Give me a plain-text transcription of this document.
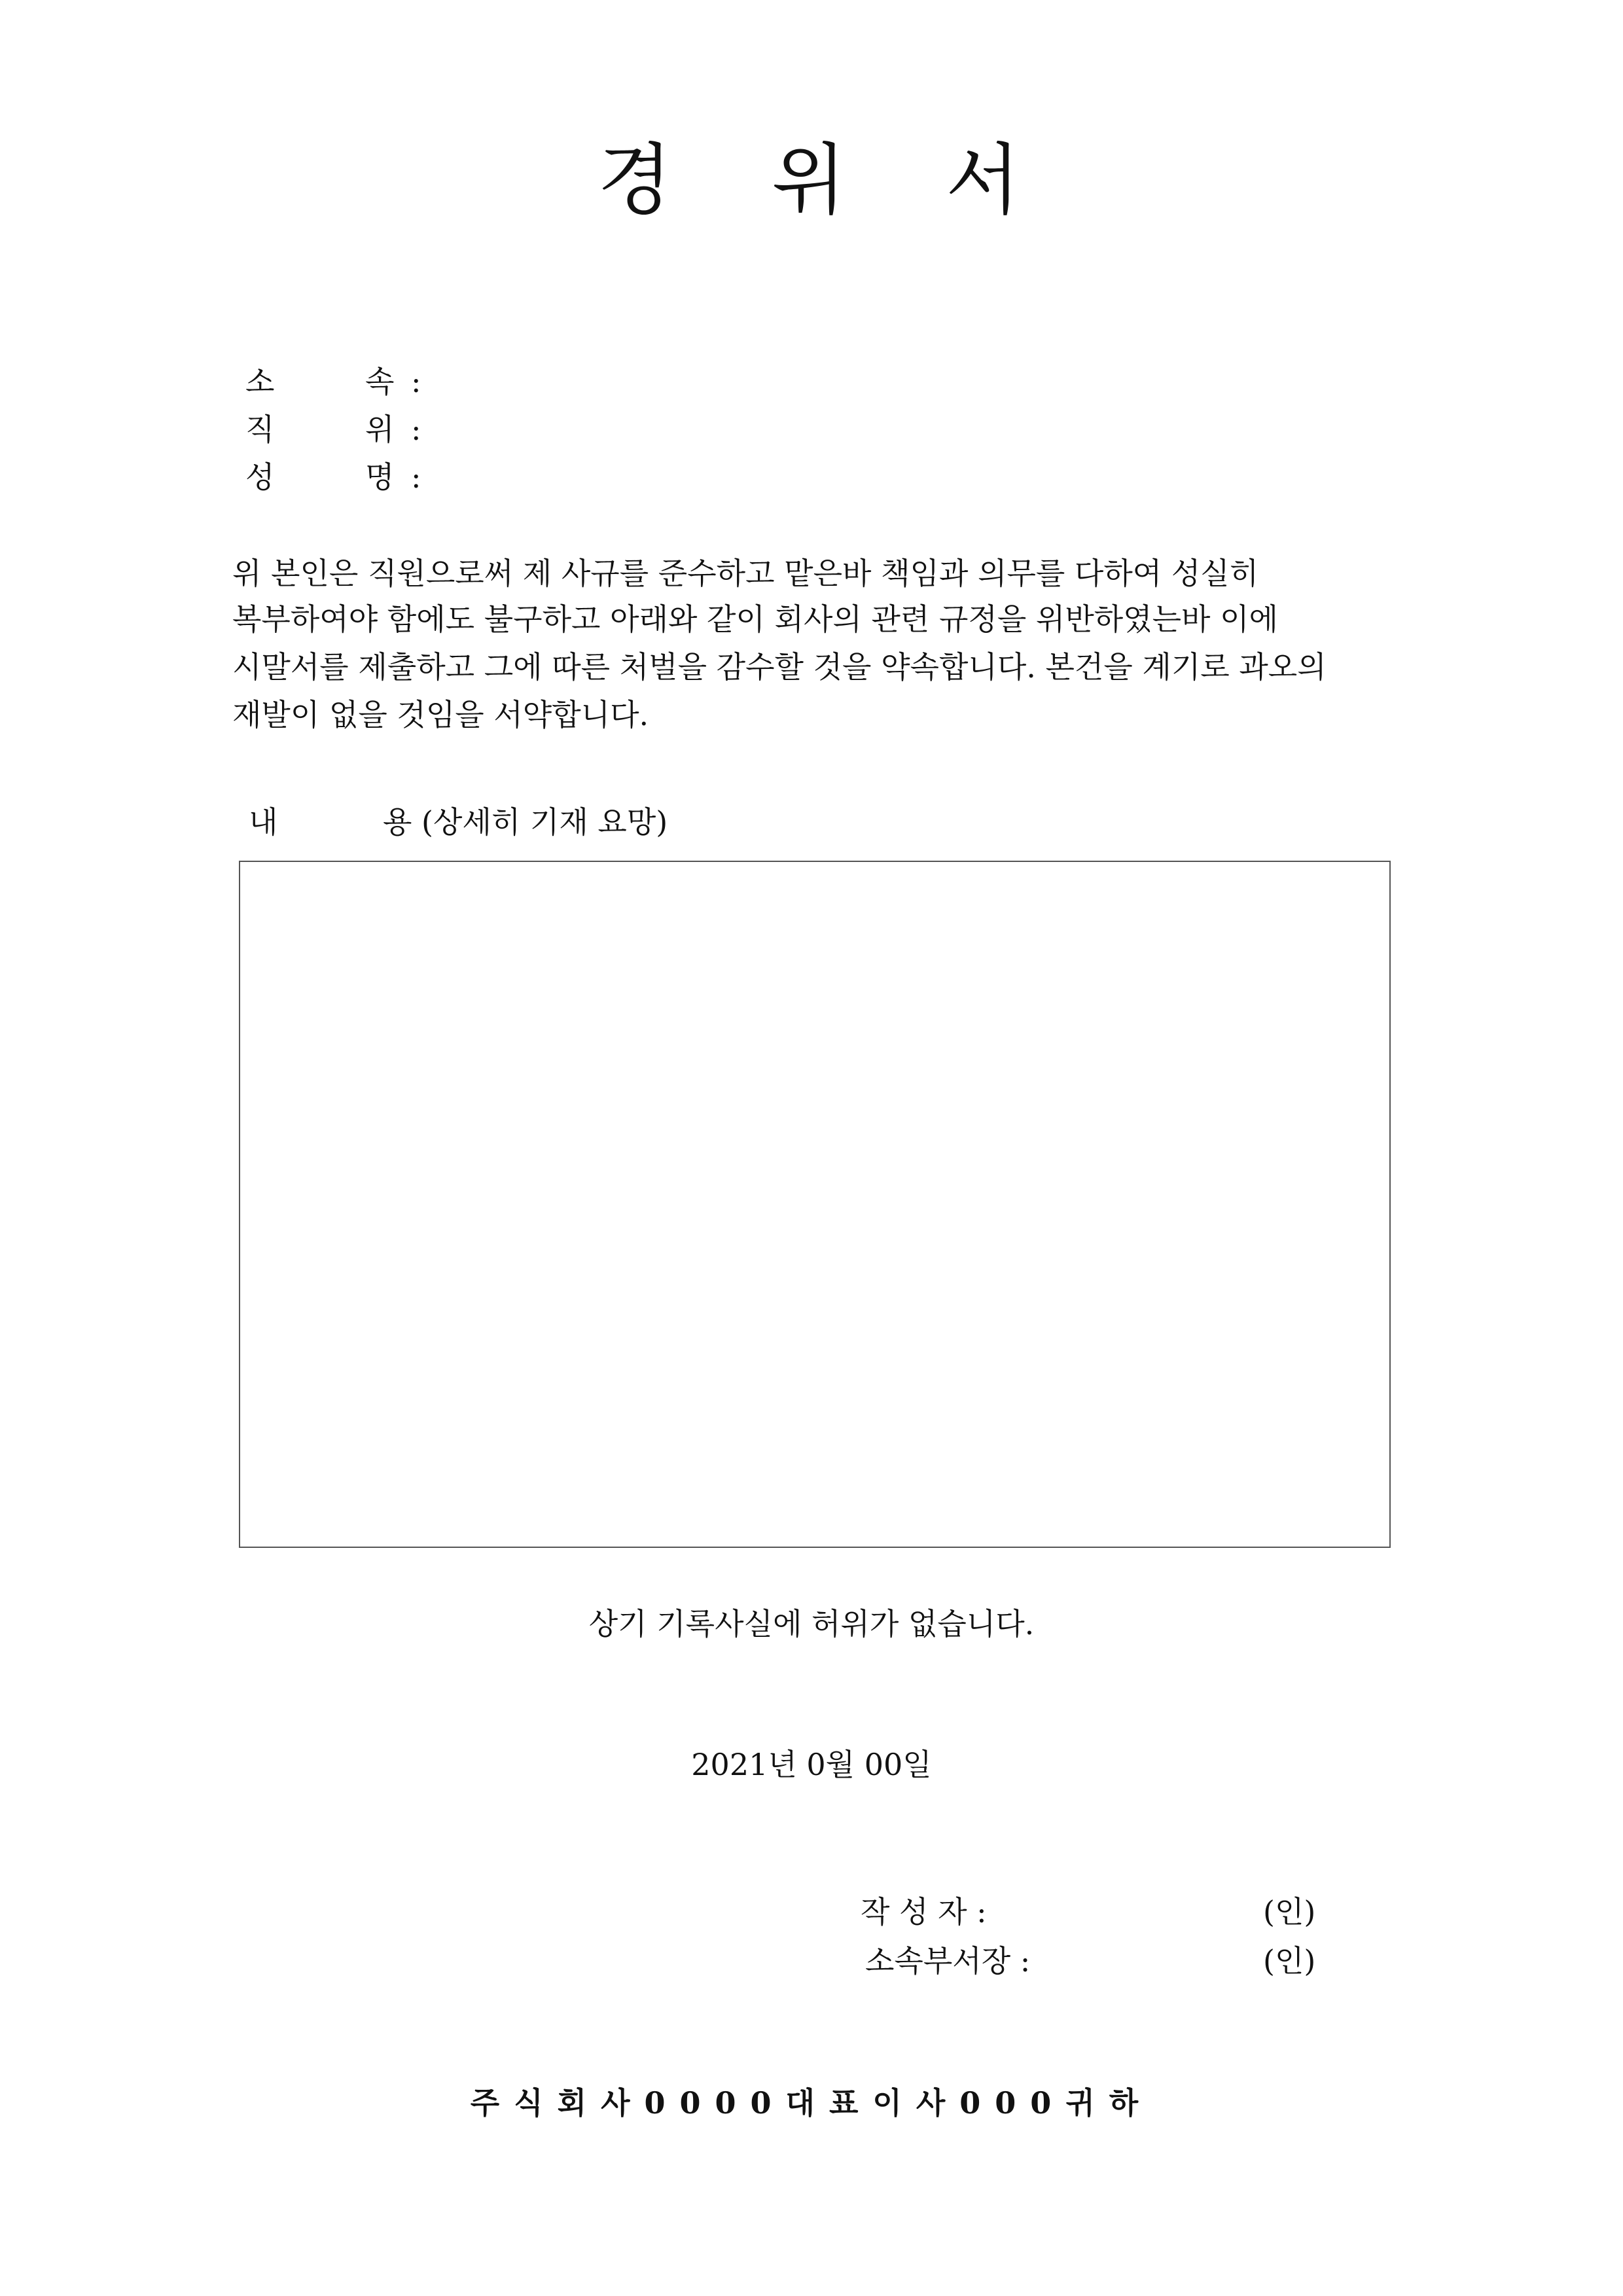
경 위 서
소	속 :
직	위 :
성	명 :
위 본인은 직원으로써 제 사규를 준수하고 맡은바 책임과 의무를 다하여 성실히
복부하여야 함에도 불구하고 아래와 같이 회사의 관련 규정을 위반하였는바 이에
시말서를 제출하고 그에 따른 처벌을 감수할 것을 약속합니다. 본건을 계기로 과오의
재발이 없을 것임을 서약합니다.
내	용 (상세히 기재 요망)
상기 기록사실에 허위가 없습니다.
2021년 0월 00일
작 성 자 :	(인)
소속부서장 :	(인)
주식회사0000대표이사000귀하
